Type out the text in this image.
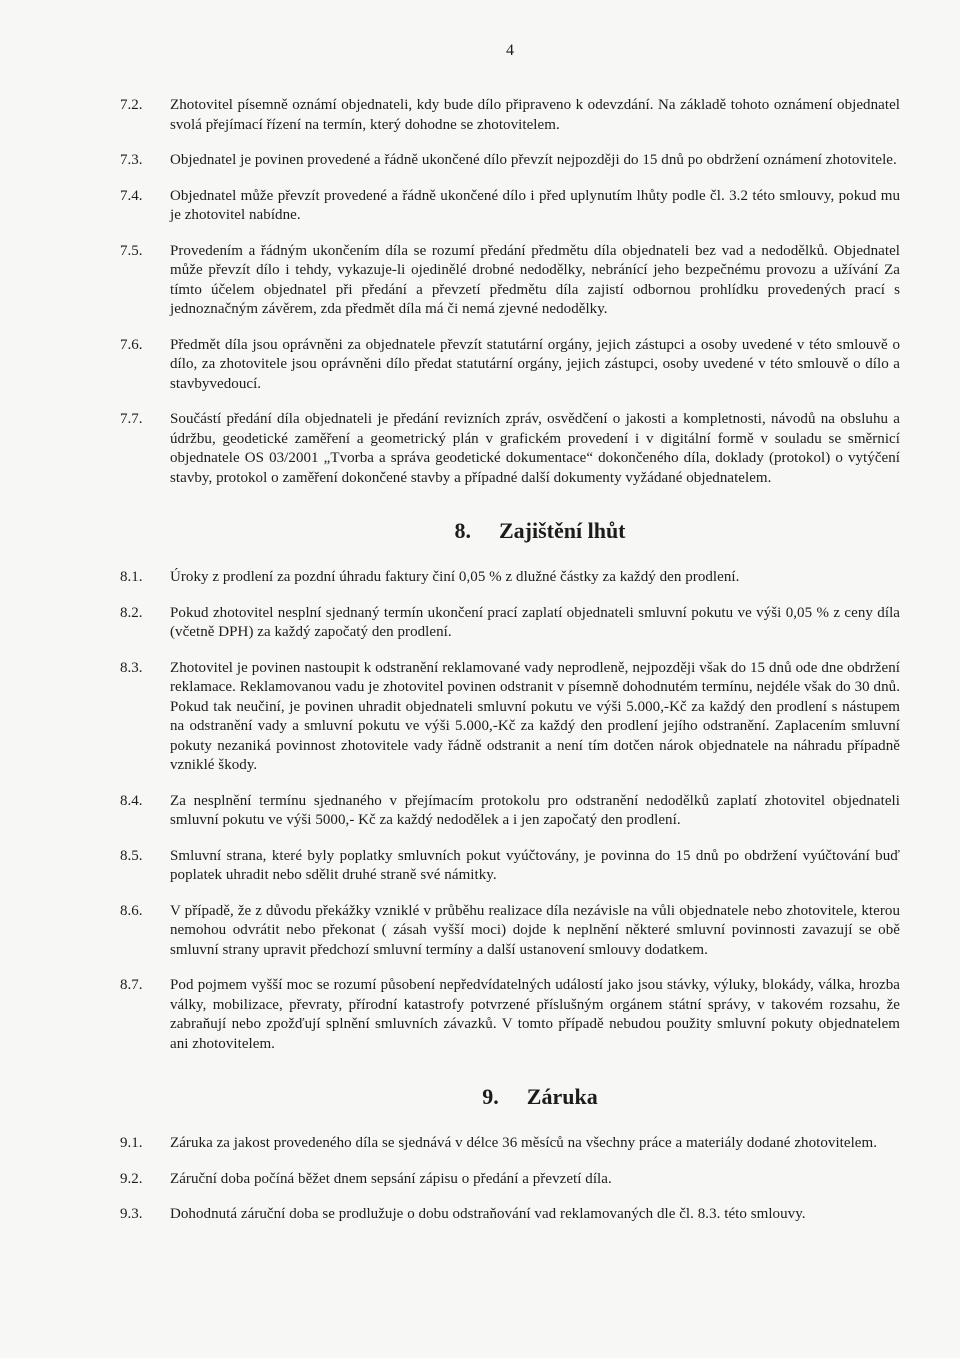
4
7.2.	Zhotovitel písemně oznámí objednateli, kdy bude dílo připraveno k odevzdání. Na základě tohoto oznámení objednatel svolá přejímací řízení na termín, který dohodne se zhotovitelem.
7.3.	Objednatel je povinen provedené a řádně ukončené dílo převzít nejpozději do 15 dnů po obdržení oznámení zhotovitele.
7.4.	Objednatel může převzít provedené a řádně ukončené dílo i před uplynutím lhůty podle čl. 3.2 této smlouvy, pokud mu je zhotovitel nabídne.
7.5.	Provedením a řádným ukončením díla se rozumí předání předmětu díla objednateli bez vad a nedodělků. Objednatel může převzít dílo i tehdy, vykazuje-li ojedinělé drobné nedodělky, nebránící jeho bezpečnému provozu a užívání Za tímto účelem objednatel při předání a převzetí předmětu díla zajistí odbornou prohlídku provedených prací s jednoznačným závěrem, zda předmět díla má či nemá zjevné nedodělky.
7.6.	Předmět díla jsou oprávněni za objednatele převzít statutární orgány, jejich zástupci a osoby uvedené v této smlouvě o dílo, za zhotovitele jsou oprávněni dílo předat statutární orgány, jejich zástupci, osoby uvedené v této smlouvě o dílo a stavbyvedoucí.
7.7.	Součástí předání díla objednateli je předání revizních zpráv, osvědčení o jakosti a kompletnosti, návodů na obsluhu a údržbu, geodetické zaměření a geometrický plán v grafickém provedení i v digitální formě v souladu se směrnicí objednatele OS 03/2001 „Tvorba a správa geodetické dokumentace“ dokončeného díla, doklady (protokol) o vytýčení stavby, protokol o zaměření dokončené stavby a případné další dokumenty vyžádané objednatelem.
8. Zajištění lhůt
8.1.	Úroky z prodlení za pozdní úhradu faktury činí 0,05 % z dlužné částky za každý den prodlení.
8.2.	Pokud zhotovitel nesplní sjednaný termín ukončení prací zaplatí objednateli smluvní pokutu ve výši 0,05 % z ceny díla (včetně DPH) za každý započatý den prodlení.
8.3.	Zhotovitel je povinen nastoupit k odstranění reklamované vady neprodleně, nejpozději však do 15 dnů ode dne obdržení reklamace. Reklamovanou vadu je zhotovitel povinen odstranit v písemně dohodnutém termínu, nejdéle však do 30 dnů. Pokud tak neučiní, je povinen uhradit objednateli smluvní pokutu ve výši 5.000,-Kč za každý den prodlení s nástupem na odstranění vady a smluvní pokutu ve výši 5.000,-Kč za každý den prodlení jejího odstranění. Zaplacením smluvní pokuty nezaniká povinnost zhotovitele vady řádně odstranit a není tím dotčen nárok objednatele na náhradu případně vzniklé škody.
8.4.	Za nesplnění termínu sjednaného v přejímacím protokolu pro odstranění nedodělků zaplatí zhotovitel objednateli smluvní pokutu ve výši 5000,- Kč za každý nedodělek a i jen započatý den prodlení.
8.5.	Smluvní strana, které byly poplatky smluvních pokut vyúčtovány, je povinna do 15 dnů po obdržení vyúčtování buď poplatek uhradit nebo sdělit druhé straně své námitky.
8.6.	V případě, že z důvodu překážky vzniklé v průběhu realizace díla nezávisle na vůli objednatele nebo zhotovitele, kterou nemohou odvrátit nebo překonat ( zásah vyšší moci) dojde k neplnění některé smluvní povinnosti zavazují se obě smluvní strany upravit předchozí smluvní termíny a další ustanovení smlouvy dodatkem.
8.7.	Pod pojmem vyšší moc se rozumí působení nepředvídatelných událostí jako jsou stávky, výluky, blokády, válka, hrozba války, mobilizace, převraty, přírodní katastrofy potvrzené příslušným orgánem státní správy, v takovém rozsahu, že zabraňují nebo zpožďují splnění smluvních závazků. V tomto případě nebudou použity smluvní pokuty objednatelem ani zhotovitelem.
9. Záruka
9.1.	Záruka za jakost provedeného díla se sjednává v délce 36 měsíců na všechny práce a materiály dodané zhotovitelem.
9.2.	Záruční doba počíná běžet dnem sepsání zápisu o předání a převzetí díla.
9.3.	Dohodnutá záruční doba se prodlužuje o dobu odstraňování vad reklamovaných dle čl. 8.3. této smlouvy.
